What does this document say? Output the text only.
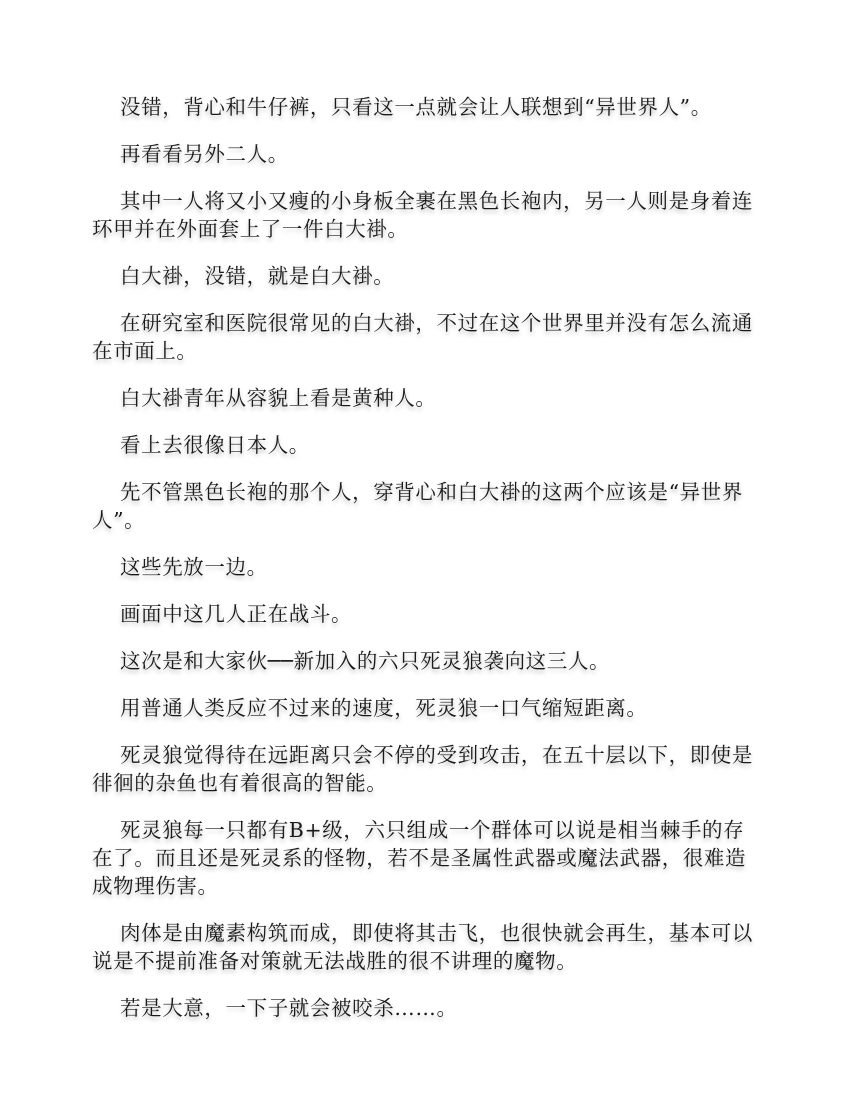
没错，背心和牛仔裤，只看这一点就会让人联想到“异世界人”。

再看看另外二人。

其中一人将又小又瘦的小身板全裹在黑色长袍内，另一人则是身着连环甲并在外面套上了一件白大褂。

白大褂，没错，就是白大褂。

在研究室和医院很常见的白大褂，不过在这个世界里并没有怎么流通在市面上。

白大褂青年从容貌上看是黄种人。

看上去很像日本人。

先不管黑色长袍的那个人，穿背心和白大褂的这两个应该是“异世界人”。

这些先放一边。

画面中这几人正在战斗。

这次是和大家伙──新加入的六只死灵狼袭向这三人。

用普通人类反应不过来的速度，死灵狼一口气缩短距离。

死灵狼觉得待在远距离只会不停的受到攻击，在五十层以下，即使是徘徊的杂鱼也有着很高的智能。

死灵狼每一只都有B+级，六只组成一个群体可以说是相当棘手的存在了。而且还是死灵系的怪物，若不是圣属性武器或魔法武器，很难造成物理伤害。

肉体是由魔素构筑而成，即使将其击飞，也很快就会再生，基本可以说是不提前准备对策就无法战胜的很不讲理的魔物。

若是大意，一下子就会被咬杀……。
